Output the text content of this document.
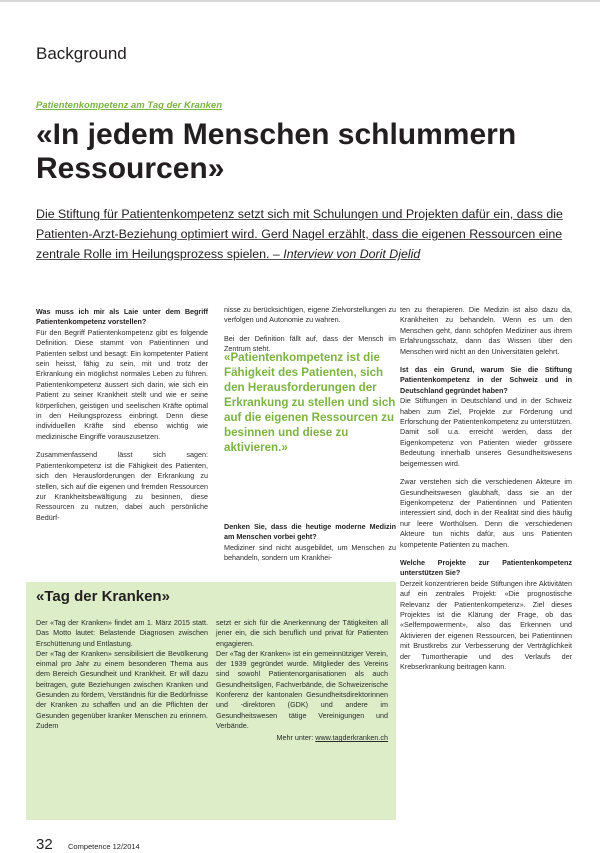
Background
Patientenkompetenz am Tag der Kranken
«In jedem Menschen schlummern Ressourcen»
Die Stiftung für Patientenkompetenz setzt sich mit Schulungen und Projekten dafür ein, dass die Patienten-Arzt-Beziehung optimiert wird. Gerd Nagel erzählt, dass die eigenen Ressourcen eine zentrale Rolle im Heilungsprozess spielen. – Interview von Dorit Djelid

Was muss ich mir als Laie unter dem Begriff Patientenkompetenz vorstellen?

Für den Begriff Patientenkompetenz gibt es folgende Definition. Diese stammt von Patientinnen und Patienten selbst und besagt: Ein kompetenter Patient sein heisst, fähig zu sein, mit und trotz der Erkrankung ein möglichst normales Leben zu führen. Patientenkompetenz äussert sich darin, wie sich ein Patient zu seiner Krankheit stellt und wie er seine körperlichen, geistigen und seelischen Kräfte optimal in den Heilungsprozess einbringt. Denn diese individuellen Kräfte sind ebenso wichtig wie medizinische Eingriffe vorauszusetzen.

Zusammenfassend lässt sich sagen: Patientenkompetenz ist die Fähigkeit des Patienten, sich den Herausforderungen der Erkrankung zu stellen, sich auf die eigenen und fremden Ressourcen zur Krankheitsbewältigung zu besinnen, diese Ressourcen zu nutzen, dabei auch persönliche Bedürf-

nisse zu berücksichtigen, eigene Zielvorstellungen zu verfolgen und Autonomie zu wahren.

Bei der Definition fällt auf, dass der Mensch im Zentrum steht.

«Patientenkompetenz ist die Fähigkeit des Patienten, sich den Herausforderungen der Erkrankung zu stellen und sich auf die eigenen Ressourcen zu besinnen und diese zu aktivieren.»

Denken Sie, dass die heutige moderne Medizin am Menschen vorbei geht?

Mediziner sind nicht ausgebildet, um Menschen zu behandeln, sondern um Krankhei-

ten zu therapieren. Die Medizin ist also dazu da, Krankheiten zu behandeln. Wenn es um den Menschen geht, dann schöpfen Mediziner aus ihrem Erfahrungsschatz, dann das Wissen über den Menschen wird nicht an den Universitäten gelehrt.

Ist das ein Grund, warum Sie die Stiftung Patientenkompetenz in der Schweiz und in Deutschland gegründet haben?

Die Stiftungen in Deutschland und in der Schweiz haben zum Ziel, Projekte zur Förderung und Erforschung der Patientenkompetenz zu unterstützen. Damit soll u.a. erreicht werden, dass der Eigenkompetenz von Patienten wieder grössere Bedeutung innerhalb unseres Gesundheitswesens beigemessen wird.

Zwar verstehen sich die verschiedenen Akteure im Gesundheitswesen glaubhaft, dass sie an der Eigenkompetenz der Patientinnen und Patienten interessiert sind, doch in der Realität sind dies häufig nur leere Worthülsen. Denn die verschiedenen Akteure tun nichts dafür, aus uns Patienten kompetente Patienten zu machen.

Welche Projekte zur Patientenkompetenz unterstützen Sie?

Derzeit konzentrieren beide Stiftungen ihre Aktivitäten auf ein zentrales Projekt: «Die prognostische Relevanz der Patientenkompetenz». Ziel dieses Projektes ist die Klärung der Frage, ob das «Selfempowerment», also das Erkennen und Aktivieren der eigenen Ressourcen, bei Patientinnen mit Brustkrebs zur Verbesserung der Verträglichkeit der Tumortherapie und des Verlaufs der Krebserkrankung beitragen kann.

«Tag der Kranken»
Der «Tag der Kranken» findet am 1. März 2015 statt. Das Motto lautet: Belastende Diagnosen zwischen Erschütterung und Entlastung.
Der «Tag der Kranken» sensibilisiert die Bevölkerung einmal pro Jahr zu einem besonderen Thema aus dem Bereich Gesundheit und Krankheit. Er will dazu beitragen, gute Beziehungen zwischen Kranken und Gesunden zu fördern, Verständnis für die Bedürfnisse der Kranken zu schaffen und an die Pflichten der Gesunden gegenüber kranker Menschen zu erinnern. Zudem
setzt er sich für die Anerkennung der Tätigkeiten all jener ein, die sich beruflich und privat für Patienten engagieren.
Der «Tag der Kranken» ist ein gemeinnütziger Verein, der 1939 gegründet wurde. Mitglieder des Vereins sind sowohl Patientenorganisationen als auch Gesundheitsligen, Fachverbände, die Schweizerische Konferenz der kantonalen Gesundheitsdirektorinnen und -direktoren (GDK) und andere im Gesundheitswesen tätige Vereinigungen und Verbände.
Mehr unter: www.tagderkranken.ch
32 Competence 12/2014
